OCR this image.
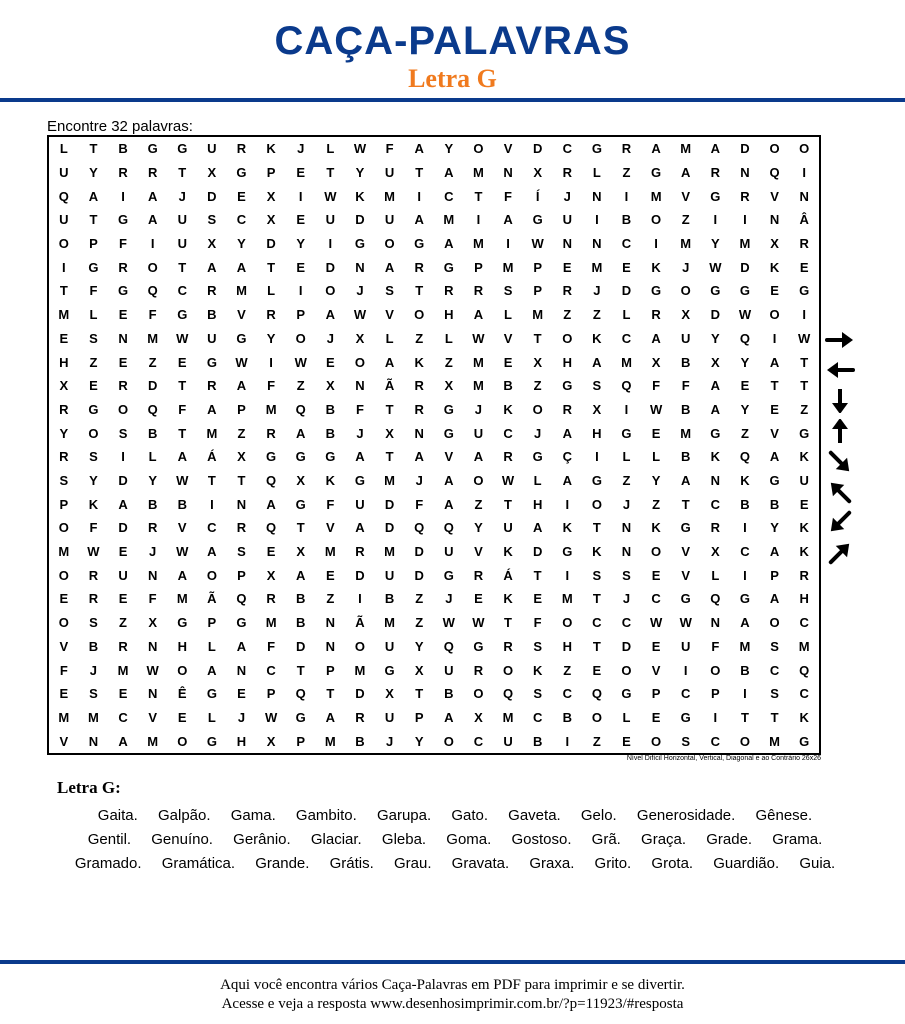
CAÇA-PALAVRAS
Letra G
Encontre 32 palavras:
L	T	B	G	G	U	R	K	J	L	W	F	A	Y	O	V	D	C	G	R	A	M	A	D	O	O
U	Y	R	R	T	X	G	P	E	T	Y	U	T	A	M	N	X	R	L	Z	G	A	R	N	Q	I
Q	A	I	A	J	D	E	X	I	W	K	M	I	C	T	F	Í	J	N	I	M	V	G	R	V	N
U	T	G	A	U	S	C	X	E	U	D	U	A	M	I	A	G	U	I	B	O	Z	I	I	N	Â
O	P	F	I	U	X	Y	D	Y	I	G	O	G	A	M	I	W	N	N	C	I	M	Y	M	X	R
I	G	R	O	T	A	A	T	E	D	N	A	R	G	P	M	P	E	M	E	K	J	W	D	K	E
T	F	G	Q	C	R	M	L	I	O	J	S	T	R	R	S	P	R	J	D	G	O	G	G	E	G
M	L	E	F	G	B	V	R	P	A	W	V	O	H	A	L	M	Z	Z	L	R	X	D	W	O	I
E	S	N	M	W	U	G	Y	O	J	X	L	Z	L	W	V	T	O	K	C	A	U	Y	Q	I	W
H	Z	E	Z	E	G	W	I	W	E	O	A	K	Z	M	E	X	H	A	M	X	B	X	Y	A	T
X	E	R	D	T	R	A	F	Z	X	N	Ã	R	X	M	B	Z	G	S	Q	F	F	A	E	T	T
R	G	O	Q	F	A	P	M	Q	B	F	T	R	G	J	K	O	R	X	I	W	B	A	Y	E	Z
Y	O	S	B	T	M	Z	R	A	B	J	X	N	G	U	C	J	A	H	G	E	M	G	Z	V	G
R	S	I	L	A	Á	X	G	G	G	A	T	A	V	A	R	G	Ç	I	L	L	B	K	Q	A	K
S	Y	D	Y	W	T	T	Q	X	K	G	M	J	A	O	W	L	A	G	Z	Y	A	N	K	G	U
P	K	A	B	B	I	N	A	G	F	U	D	F	A	Z	T	H	I	O	J	Z	T	C	B	B	E
O	F	D	R	V	C	R	Q	T	V	A	D	Q	Q	Y	U	A	K	T	N	K	G	R	I	Y	K
M	W	E	J	W	A	S	E	X	M	R	M	D	U	V	K	D	G	K	N	O	V	X	C	A	K
O	R	U	N	A	O	P	X	A	E	D	U	D	G	R	Á	T	I	S	S	E	V	L	I	P	R
E	R	E	F	M	Ã	Q	R	B	Z	I	B	Z	J	E	K	E	M	T	J	C	G	Q	G	A	H
O	S	Z	X	G	P	G	M	B	N	Ã	M	Z	W	W	T	F	O	C	C	W	W	N	A	O	C
V	B	R	N	H	L	A	F	D	N	O	U	Y	Q	G	R	S	H	T	D	E	U	F	M	S	M
F	J	M	W	O	A	N	C	T	P	M	G	X	U	R	O	K	Z	E	O	V	I	O	B	C	Q
E	S	E	N	Ê	G	E	P	Q	T	D	X	T	B	O	Q	S	C	Q	G	P	C	P	I	S	C
M	M	C	V	E	L	J	W	G	A	R	U	P	A	X	M	C	B	O	L	E	G	I	T	T	K
V	N	A	M	O	G	H	X	P	M	B	J	Y	O	C	U	B	I	Z	E	O	S	C	O	M	G
Nível Difícil Horizontal, Vertical, Diagonal e ao Contrário 26x26
Letra G:
Gaita. Galpão. Gama. Gambito. Garupa. Gato. Gaveta. Gelo. Generosidade. Gênese. Gentil. Genuíno. Gerânio. Glaciar. Gleba. Goma. Gostoso. Grã. Graça. Grade. Grama. Gramado. Gramática. Grande. Grátis. Grau. Gravata. Graxa. Grito. Grota. Guardião. Guia.
Aqui você encontra vários Caça-Palavras em PDF para imprimir e se divertir.
Acesse e veja a resposta www.desenhosimprimir.com.br/?p=11923/#resposta
